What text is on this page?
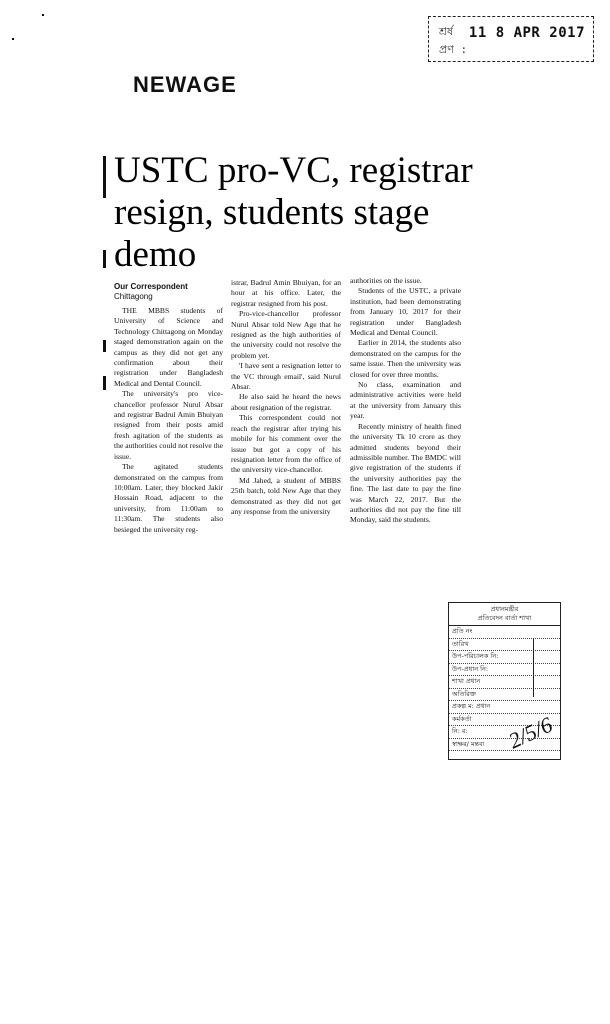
শ্রৰ্ষ
প্রণ :
11 8 APR 2017
NEWAGE
USTC pro-VC, registrar
resign, students stage
demo
Our Correspondent
Chittagong

THE MBBS students of University of Science and Technology Chittagong on Monday staged demonstration again on the campus as they did not get any confirmation about their registration under Bangladesh Medical and Dental Council.

The university's pro vice-chancellor professor Nurul Absar and registrar Badrul Amin Bhuiyan resigned from their posts amid fresh agitation of the students as the authorities could not resolve the issue.

The agitated students demonstrated on the campus from 10:00am. Later, they blocked Jakir Hossain Road, adjacent to the university, from 11:00am to 11:30am. The students also besieged the university reg-

istrar, Badrul Amin Bhuiyan, for an hour at his office. Later, the registrar resigned from his post.

Pro-vice-chancellor professor Nurul Absar told New Age that he resigned as the high authorities of the university could not resolve the problem yet.

'I have sent a resignation letter to the VC through email', said Nurul Absar.

He also said he heard the news about resignation of the registrar.

This correspondent could not reach the registrar after trying his mobile for his comment over the issue but got a copy of his resignation letter from the office of the university vice-chancellor.

Md Jahed, a student of MBBS 25th batch, told New Age that they demonstrated as they did not get any response from the university

authorities on the issue.

Students of the USTC, a private institution, had been demonstrating from January 10, 2017 for their registration under Bangladesh Medical and Dental Council.

Earlier in 2014, the students also demonstrated on the campus for the same issue. Then the university was closed for over three months.

No class, examination and administrative activities were held at the university from January this year.

Recently ministry of health fined the university Tk 10 crore as they admitted students beyond their admissible number. The BMDC will give registration of the students if the university authorities pay the fine. The last date to pay the fine was March 22, 2017. But the authorities did not pay the fine till Monday, said the students.

প্রধানমন্ত্রীর
প্রতিবেদন বার্তা শাখা
প্রতি নং
তারিখ
উপ-পরিচালক নি:
উপ-প্রধান নি:
শাখা প্রধান
অতিরিক্ত
প্রকল্প ম: প্রধান
কর্মকর্তা
নি: র:
স্বাক্ষর/ মন্তব্য 2/5/6
